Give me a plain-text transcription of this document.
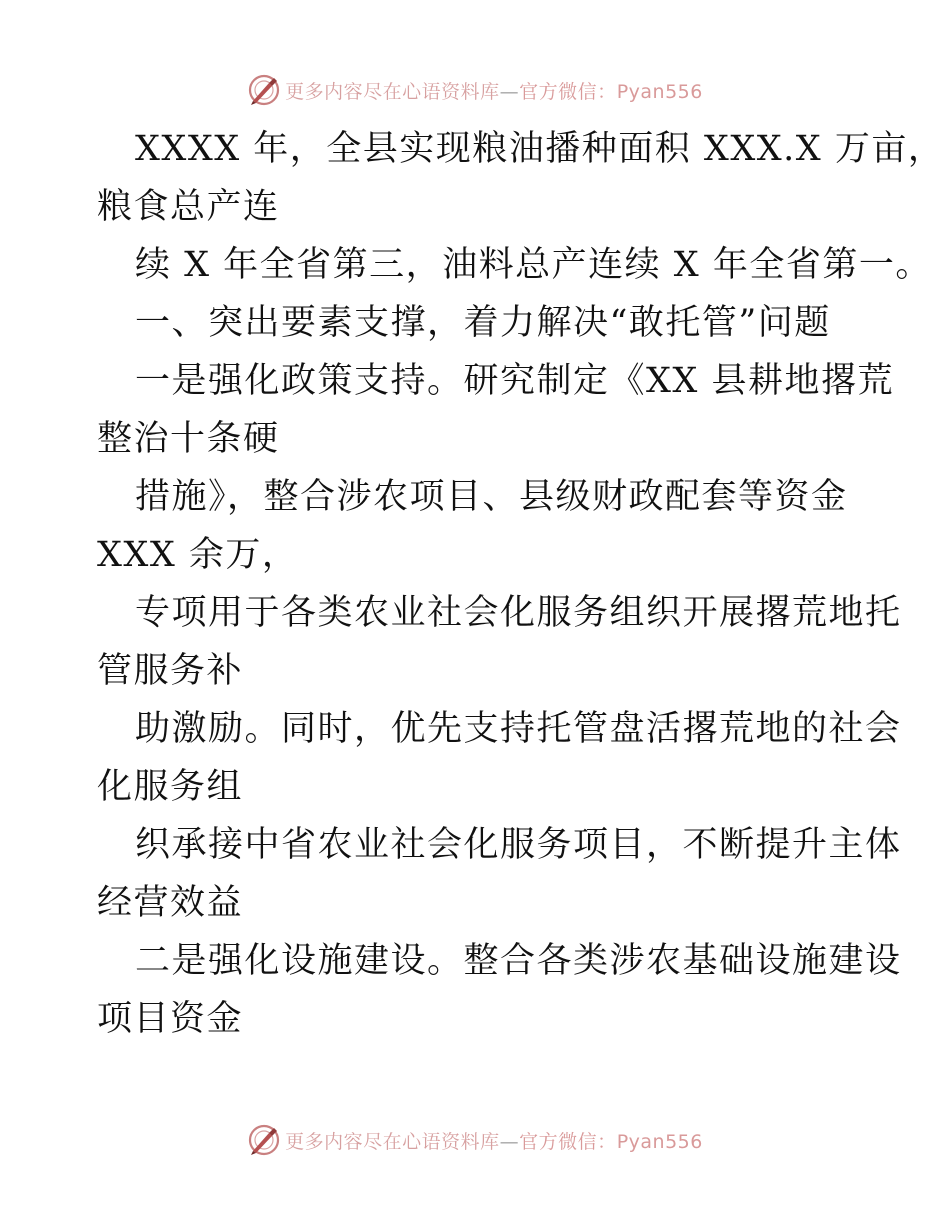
更多内容尽在心语资料库—官方微信：Pyan556
XXXX 年，全县实现粮油播种面积 XXX.X 万亩，
粮食总产连
续 X 年全省第三，油料总产连续 X 年全省第一。
一、突出要素支撑，着力解决“敢托管”问题
一是强化政策支持。研究制定《XX 县耕地撂荒
整治十条硬
措施》，整合涉农项目、县级财政配套等资金
XXX 余万，
专项用于各类农业社会化服务组织开展撂荒地托
管服务补
助激励。同时，优先支持托管盘活撂荒地的社会
化服务组
织承接中省农业社会化服务项目，不断提升主体
经营效益
二是强化设施建设。整合各类涉农基础设施建设
项目资金
更多内容尽在心语资料库—官方微信：Pyan556
